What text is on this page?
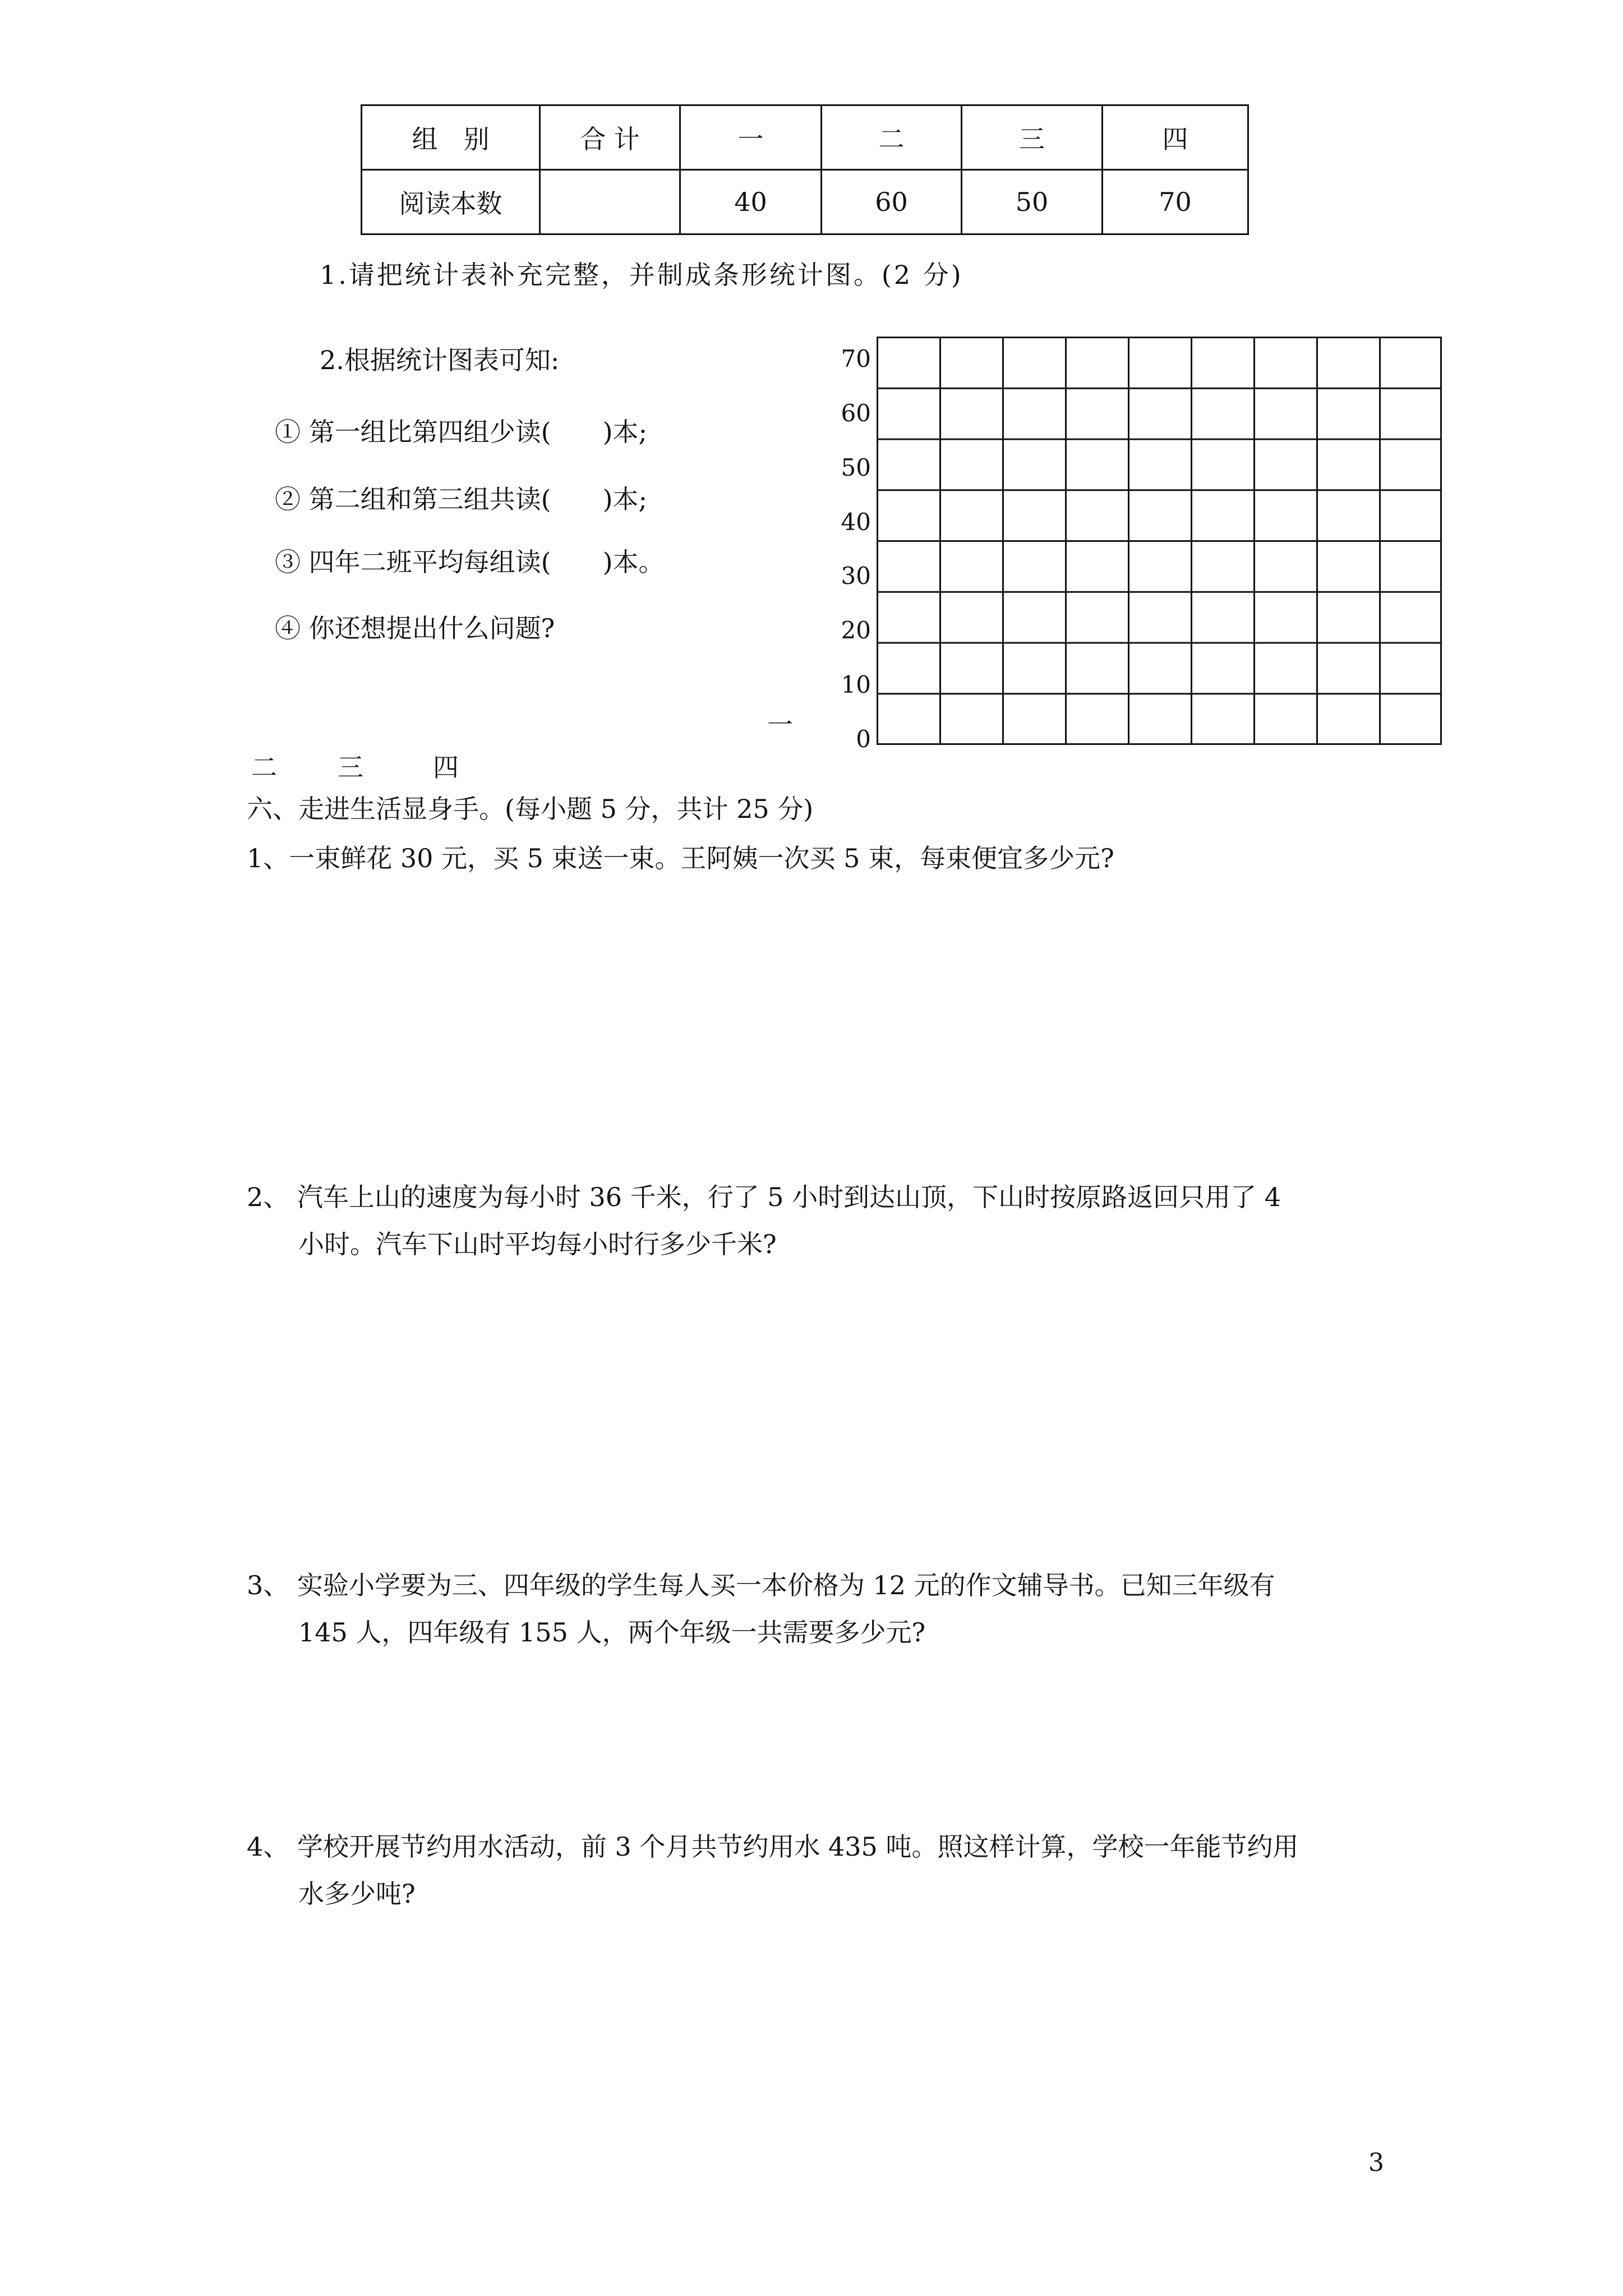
组　别	合 计	一	二	三	四
阅读本数		40	60	50	70
1.请把统计表补充完整，并制成条形统计图。(2 分)
2.根据统计图表可知:
① 第一组比第四组少读(　　)本;
② 第二组和第三组共读(　　)本;
③ 四年二班平均每组读(　　)本。
④ 你还想提出什么问题?
70
60
50
40
30
20
10
0
一
二 三	四
六、走进生活显身手。(每小题 5 分，共计 25 分)
1、一束鲜花 30 元，买 5 束送一束。王阿姨一次买 5 束，每束便宜多少元?
2、 汽车上山的速度为每小时 36 千米，行了 5 小时到达山顶，下山时按原路返回只用了 4
小时。汽车下山时平均每小时行多少千米?
3、 实验小学要为三、四年级的学生每人买一本价格为 12 元的作文辅导书。已知三年级有
145 人，四年级有 155 人，两个年级一共需要多少元?
4、 学校开展节约用水活动，前 3 个月共节约用水 435 吨。照这样计算，学校一年能节约用
水多少吨?
3
